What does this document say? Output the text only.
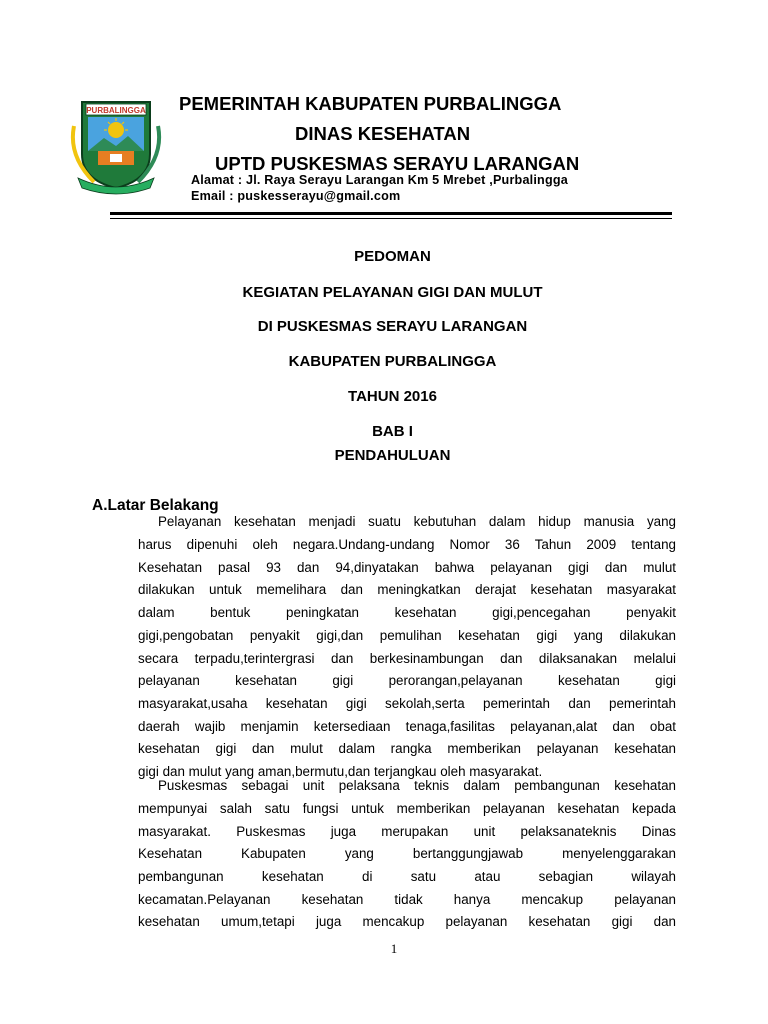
PURBALINGGA PEMERINTAH KABUPATEN PURBALINGGA
DINAS KESEHATAN
UPTD PUSKESMAS SERAYU LARANGAN
Alamat : Jl. Raya Serayu Larangan Km 5 Mrebet ,Purbalingga
Email : puskesserayu@gmail.com
PEDOMAN
KEGIATAN PELAYANAN GIGI DAN MULUT
DI PUSKESMAS SERAYU LARANGAN
KABUPATEN PURBALINGGA
TAHUN 2016
BAB I
PENDAHULUAN
A.Latar Belakang
Pelayanan kesehatan menjadi suatu kebutuhan dalam hidup manusia yang
harus dipenuhi oleh negara.Undang-undang Nomor 36 Tahun 2009 tentang
Kesehatan pasal 93 dan 94,dinyatakan bahwa pelayanan gigi dan mulut
dilakukan untuk memelihara dan meningkatkan derajat kesehatan masyarakat
dalam bentuk peningkatan kesehatan gigi,pencegahan penyakit
gigi,pengobatan penyakit gigi,dan pemulihan kesehatan gigi yang dilakukan
secara terpadu,terintergrasi dan berkesinambungan dan dilaksanakan melalui
pelayanan kesehatan gigi perorangan,pelayanan kesehatan gigi
masyarakat,usaha kesehatan gigi sekolah,serta pemerintah dan pemerintah
daerah wajib menjamin ketersediaan tenaga,fasilitas pelayanan,alat dan obat
kesehatan gigi dan mulut dalam rangka memberikan pelayanan kesehatan
gigi dan mulut yang aman,bermutu,dan terjangkau oleh masyarakat.
Puskesmas sebagai unit pelaksana teknis dalam pembangunan kesehatan
mempunyai salah satu fungsi untuk memberikan pelayanan kesehatan kepada
masyarakat. Puskesmas juga merupakan unit pelaksanateknis Dinas
Kesehatan Kabupaten yang bertanggungjawab menyelenggarakan
pembangunan kesehatan di satu atau sebagian wilayah
kecamatan.Pelayanan kesehatan tidak hanya mencakup pelayanan
kesehatan umum,tetapi juga mencakup pelayanan kesehatan gigi dan
1
